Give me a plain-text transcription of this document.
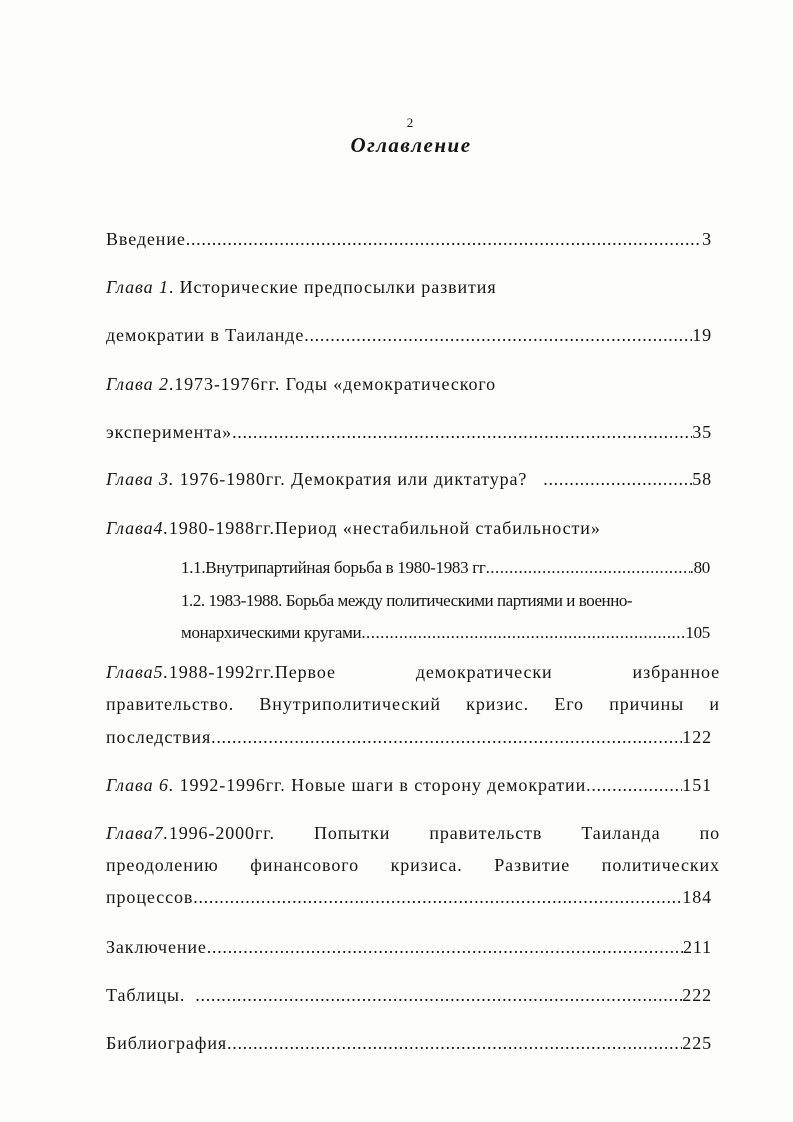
2
Оглавление
Введение . . .	3
Глава 1. Исторические предпосылки развития
демократии в Таиланде . . .	19
Глава 2.1973-1976гг. Годы «демократического
эксперимента» . . .	35
Глава 3. 1976-1980гг. Демократия или диктатура? . . .	58
Глава4.1980-1988гг.Период «нестабильной стабильности»
1.1.Внутрипартийная борьба в 1980-1983 гг . . .	.80
1.2. 1983-1988. Борьба между политическими партиями и военно-
монархическими кругами . . .	105
Глава5.1988-1992гг.Первое	демократически	избранное
правительство. Внутриполитический кризис. Его причины и
последствия . . .	122
Глава 6. 1992-1996гг. Новые шаги в сторону демократии . . .	151
Глава7.1996-2000гг. Попытки правительств Таиланда по
преодолению финансового кризиса. Развитие политических
процессов . . .	184
Заключение . . .	211
Таблицы. . . .	222
Библиография . . .	225
